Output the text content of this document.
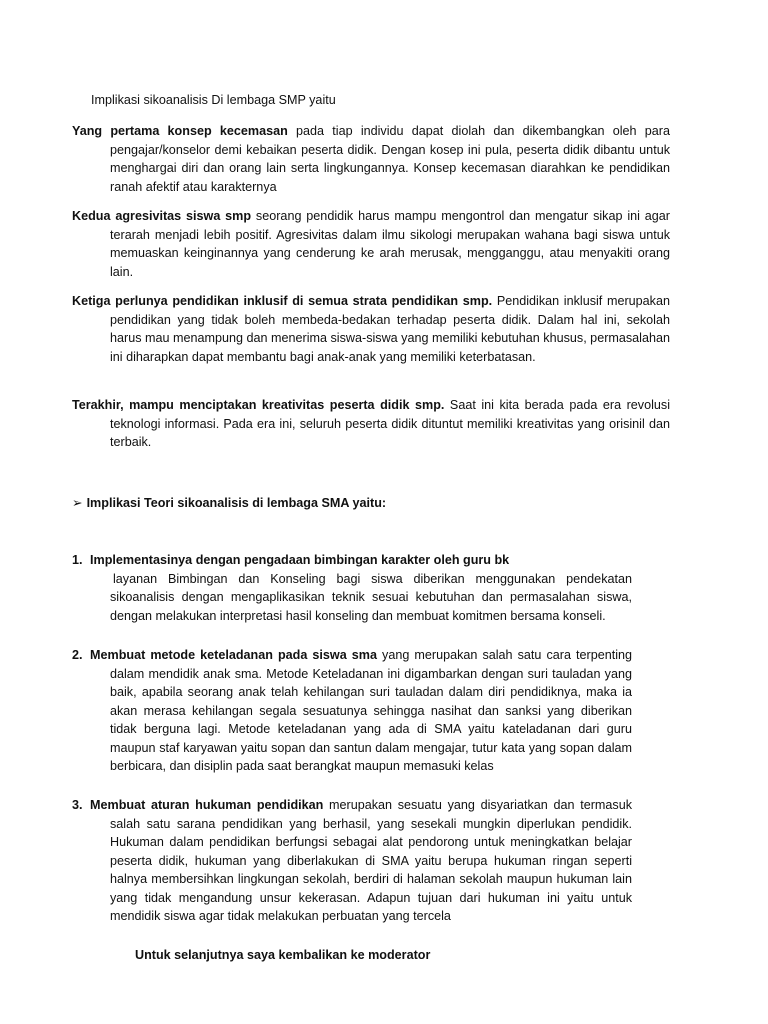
Implikasi sikoanalisis Di lembaga SMP yaitu
Yang pertama konsep kecemasan pada tiap individu dapat diolah dan dikembangkan oleh para pengajar/konselor demi kebaikan peserta didik. Dengan kosep ini pula, peserta didik dibantu untuk menghargai diri dan orang lain serta lingkungannya. Konsep kecemasan diarahkan ke pendidikan ranah afektif atau karakternya
Kedua agresivitas siswa smp seorang pendidik harus mampu mengontrol dan mengatur sikap ini agar terarah menjadi lebih positif. Agresivitas dalam ilmu sikologi merupakan wahana bagi siswa untuk memuaskan keinginannya yang cenderung ke arah merusak, mengganggu, atau menyakiti orang lain.
Ketiga perlunya pendidikan inklusif di semua strata pendidikan smp. Pendidikan inklusif merupakan pendidikan yang tidak boleh membeda-bedakan terhadap peserta didik. Dalam hal ini, sekolah harus mau menampung dan menerima siswa-siswa yang memiliki kebutuhan khusus, permasalahan ini diharapkan dapat membantu bagi anak-anak yang memiliki keterbatasan.
Terakhir, mampu menciptakan kreativitas peserta didik smp. Saat ini kita berada pada era revolusi teknologi informasi. Pada era ini, seluruh peserta didik dituntut memiliki kreativitas yang orisinil dan terbaik.
➢ Implikasi Teori sikoanalisis di lembaga SMA yaitu:
1. Implementasinya dengan pengadaan bimbingan karakter oleh guru bk
layanan Bimbingan dan Konseling bagi siswa diberikan menggunakan pendekatan sikoanalisis dengan mengaplikasikan teknik sesuai kebutuhan dan permasalahan siswa, dengan melakukan interpretasi hasil konseling dan membuat komitmen bersama konseli.
2. Membuat metode keteladanan pada siswa sma yang merupakan salah satu cara terpenting dalam mendidik anak sma. Metode Keteladanan ini digambarkan dengan suri tauladan yang baik, apabila seorang anak telah kehilangan suri tauladan dalam diri pendidiknya, maka ia akan merasa kehilangan segala sesuatunya sehingga nasihat dan sanksi yang diberikan tidak berguna lagi. Metode keteladanan yang ada di SMA yaitu kateladanan dari guru maupun staf karyawan yaitu sopan dan santun dalam mengajar, tutur kata yang sopan dalam berbicara, dan disiplin pada saat berangkat maupun memasuki kelas
3. Membuat aturan hukuman pendidikan merupakan sesuatu yang disyariatkan dan termasuk salah satu sarana pendidikan yang berhasil, yang sesekali mungkin diperlukan pendidik. Hukuman dalam pendidikan berfungsi sebagai alat pendorong untuk meningkatkan belajar peserta didik, hukuman yang diberlakukan di SMA yaitu berupa hukuman ringan seperti halnya membersihkan lingkungan sekolah, berdiri di halaman sekolah maupun hukuman lain yang tidak mengandung unsur kekerasan. Adapun tujuan dari hukuman ini yaitu untuk mendidik siswa agar tidak melakukan perbuatan yang tercela
Untuk selanjutnya saya kembalikan ke moderator
